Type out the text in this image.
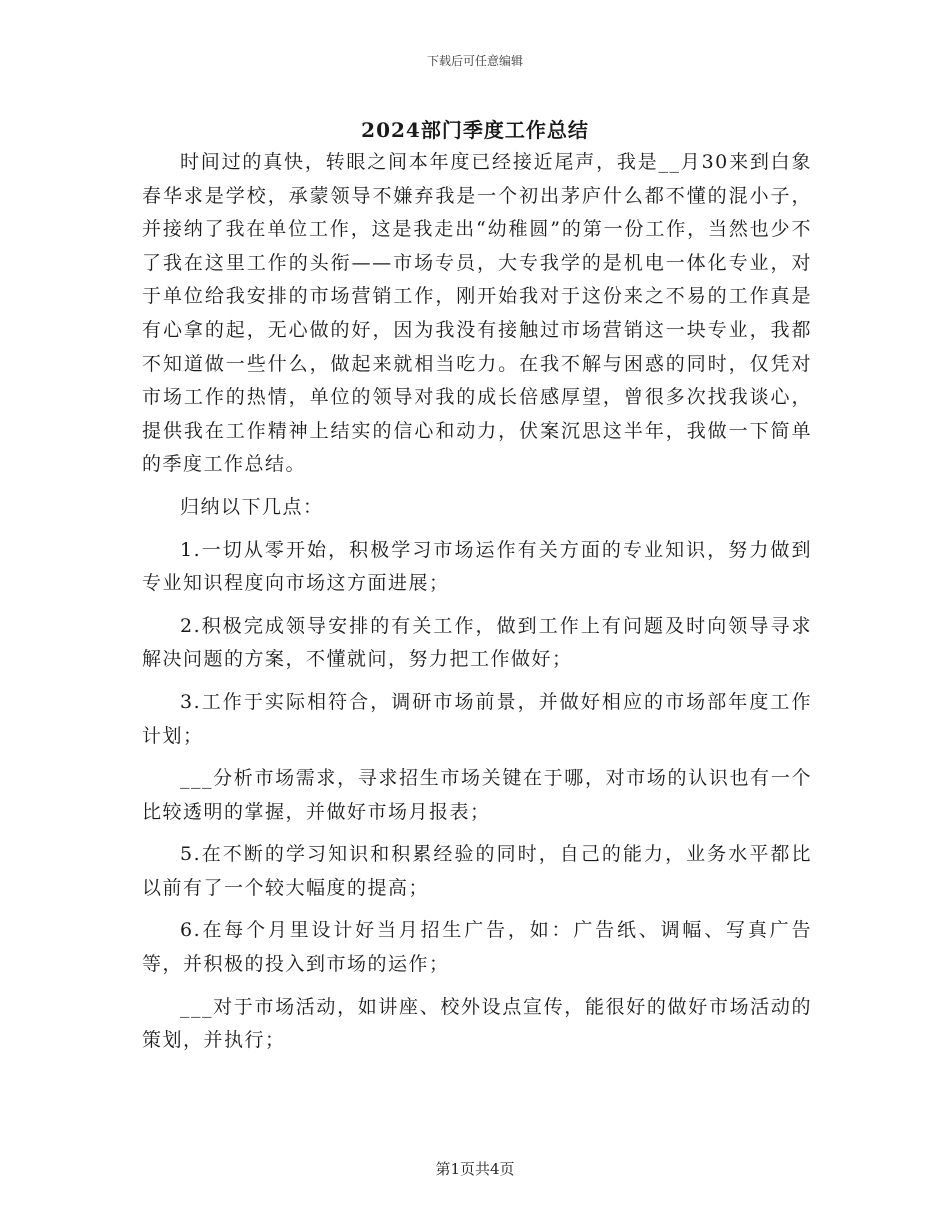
下载后可任意编辑
2024部门季度工作总结

时间过的真快，转眼之间本年度已经接近尾声，我是__月30来到白象春华求是学校，承蒙领导不嫌弃我是一个初出茅庐什么都不懂的混小子，并接纳了我在单位工作，这是我走出“幼稚圆”的第一份工作，当然也少不了我在这里工作的头衔——市场专员，大专我学的是机电一体化专业，对于单位给我安排的市场营销工作，刚开始我对于这份来之不易的工作真是有心拿的起，无心做的好，因为我没有接触过市场营销这一块专业，我都不知道做一些什么，做起来就相当吃力。在我不解与困惑的同时，仅凭对市场工作的热情，单位的领导对我的成长倍感厚望，曾很多次找我谈心，提供我在工作精神上结实的信心和动力，伏案沉思这半年，我做一下简单的季度工作总结。

归纳以下几点：

1.一切从零开始，积极学习市场运作有关方面的专业知识，努力做到专业知识程度向市场这方面进展；

2.积极完成领导安排的有关工作，做到工作上有问题及时向领导寻求解决问题的方案，不懂就问，努力把工作做好；

3.工作于实际相符合，调研市场前景，并做好相应的市场部年度工作计划；

___分析市场需求，寻求招生市场关键在于哪，对市场的认识也有一个比较透明的掌握，并做好市场月报表；

5.在不断的学习知识和积累经验的同时，自己的能力，业务水平都比以前有了一个较大幅度的提高；

6.在每个月里设计好当月招生广告，如：广告纸、调幅、写真广告等，并积极的投入到市场的运作；

___对于市场活动，如讲座、校外设点宣传，能很好的做好市场活动的策划，并执行；

第1页共4页
